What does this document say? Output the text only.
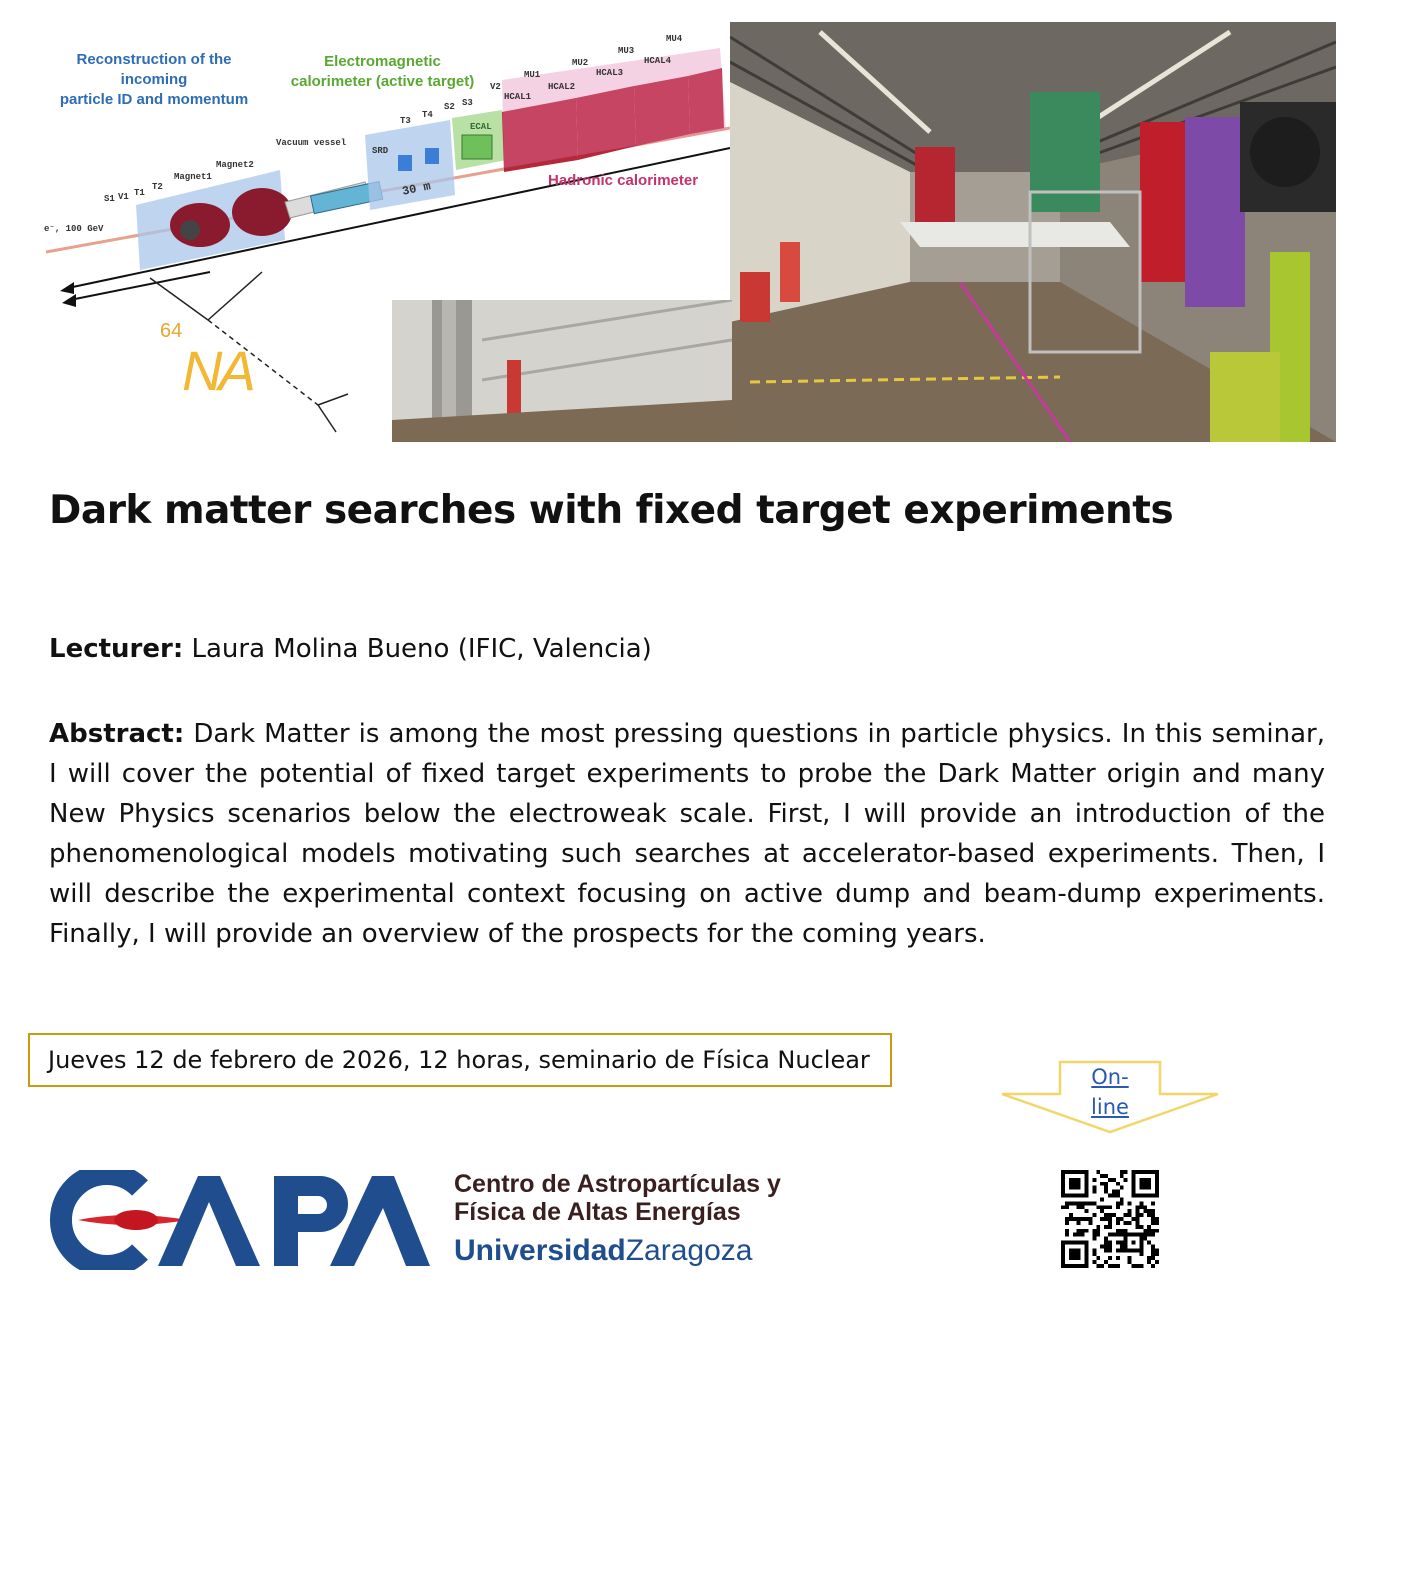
Reconstruction of the
incoming
particle ID and momentum
Electromagnetic
calorimeter (active target)
Hadronic calorimeter
e⁻, 100 GeV
Vacuum vessel
Magnet1
Magnet2
30 m
S1 V1 T1
T2
SRD
T3
T4
S2 S3
ECAL
V2
HCAL1
HCAL2
HCAL3
HCAL4
MU1
MU2
MU3
MU4
64
NA
Dark matter searches with fixed target experiments
Lecturer: Laura Molina Bueno (IFIC, Valencia)
Abstract: Dark Matter is among the most pressing questions in particle physics. In this seminar, I will cover the potential of fixed target experiments to probe the Dark Matter origin and many New Physics scenarios below the electroweak scale. First, I will provide an introduction of the phenomenological models motivating such searches at accelerator-based experiments. Then, I will describe the experimental context focusing on active dump and beam-dump experiments. Finally, I will provide an overview of the prospects for the coming years.
Jueves 12 de febrero de 2026, 12 horas, seminario de Física Nuclear
On-
line
Centro de Astropartículas y
Física de Altas Energías
UniversidadZaragoza
